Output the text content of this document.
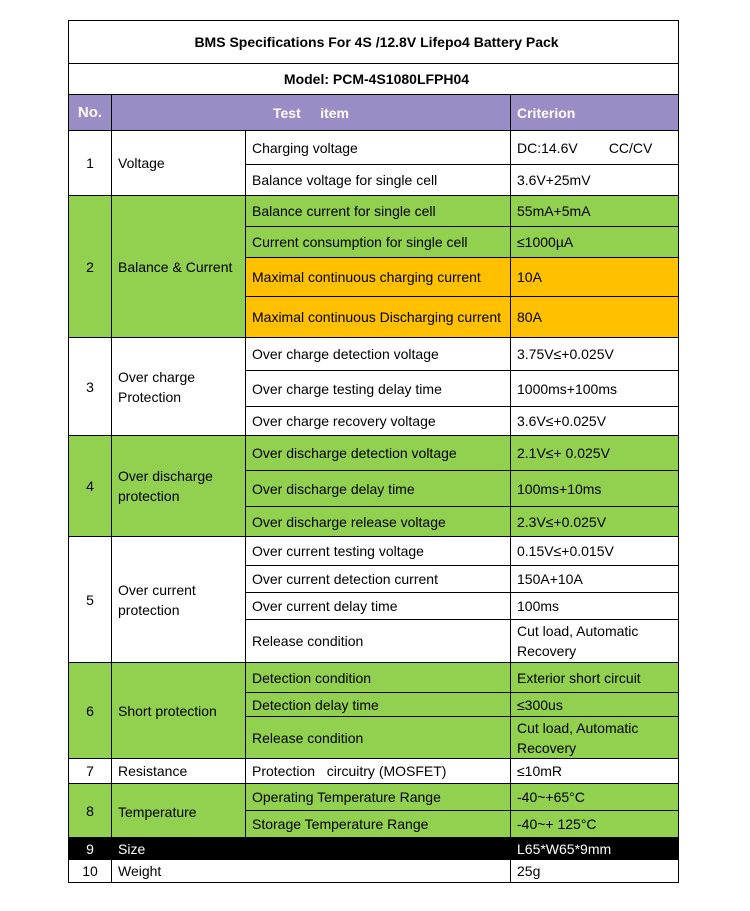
BMS Specifications For 4S /12.8V Lifepo4 Battery Pack			
Model: PCM-4S1080LFPH04			
No.	Test     item		Criterion
1	Voltage	Charging voltage	DC:14.6V        CC/CV
		Balance voltage for single cell	3.6V+25mV
2	Balance & Current	Balance current for single cell	55mA+5mA
		Current consumption for single cell	≤1000µA
		Maximal continuous charging current	10A
		Maximal continuous Discharging current	80A
3	Over charge Protection	Over charge detection voltage	3.75V≤+0.025V
		Over charge testing delay time	1000ms+100ms
		Over charge recovery voltage	3.6V≤+0.025V
4	Over discharge protection	Over discharge detection voltage	2.1V≤+ 0.025V
		Over discharge delay time	100ms+10ms
		Over discharge release voltage	2.3V≤+0.025V
5	Over current protection	Over current testing voltage	0.15V≤+0.015V
		Over current detection current	150A+10A
		Over current delay time	100ms
		Release condition	Cut load, Automatic Recovery
6	Short protection	Detection condition	Exterior short circuit
		Detection delay time	≤300us
		Release condition	Cut load, Automatic Recovery
7	Resistance	Protection   circuitry (MOSFET)	≤10mR
8	Temperature	Operating Temperature Range	-40~+65°C
		Storage Temperature Range	-40~+ 125°C
9	Size		L65*W65*9mm
10	Weight		25g
